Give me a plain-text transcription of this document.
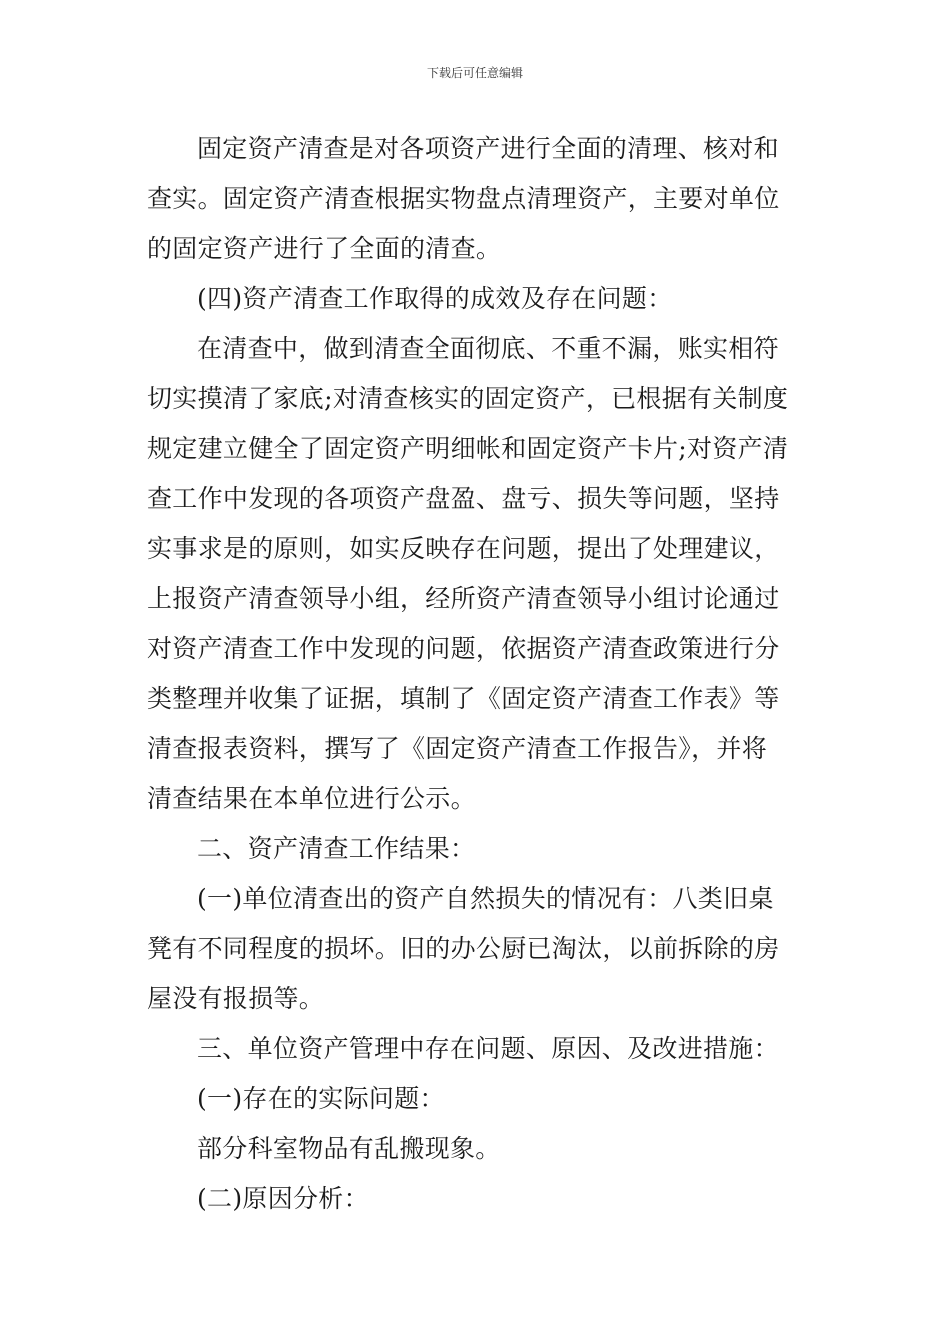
下载后可任意编辑

固定资产清查是对各项资产进行全面的清理、核对和
查实。固定资产清查根据实物盘点清理资产，主要对单位
的固定资产进行了全面的清查。

(四)资产清查工作取得的成效及存在问题：

在清查中，做到清查全面彻底、不重不漏，账实相符
切实摸清了家底;对清查核实的固定资产，已根据有关制度
规定建立健全了固定资产明细帐和固定资产卡片;对资产清
查工作中发现的各项资产盘盈、盘亏、损失等问题，坚持
实事求是的原则，如实反映存在问题，提出了处理建议，
上报资产清查领导小组，经所资产清查领导小组讨论通过
对资产清查工作中发现的问题，依据资产清查政策进行分
类整理并收集了证据，填制了《固定资产清查工作表》等
清查报表资料，撰写了《固定资产清查工作报告》，并将
清查结果在本单位进行公示。

二、资产清查工作结果：

(一)单位清查出的资产自然损失的情况有：八类旧桌
凳有不同程度的损坏。旧的办公厨已淘汰，以前拆除的房
屋没有报损等。

三、单位资产管理中存在问题、原因、及改进措施：

(一)存在的实际问题：

部分科室物品有乱搬现象。

(二)原因分析：
